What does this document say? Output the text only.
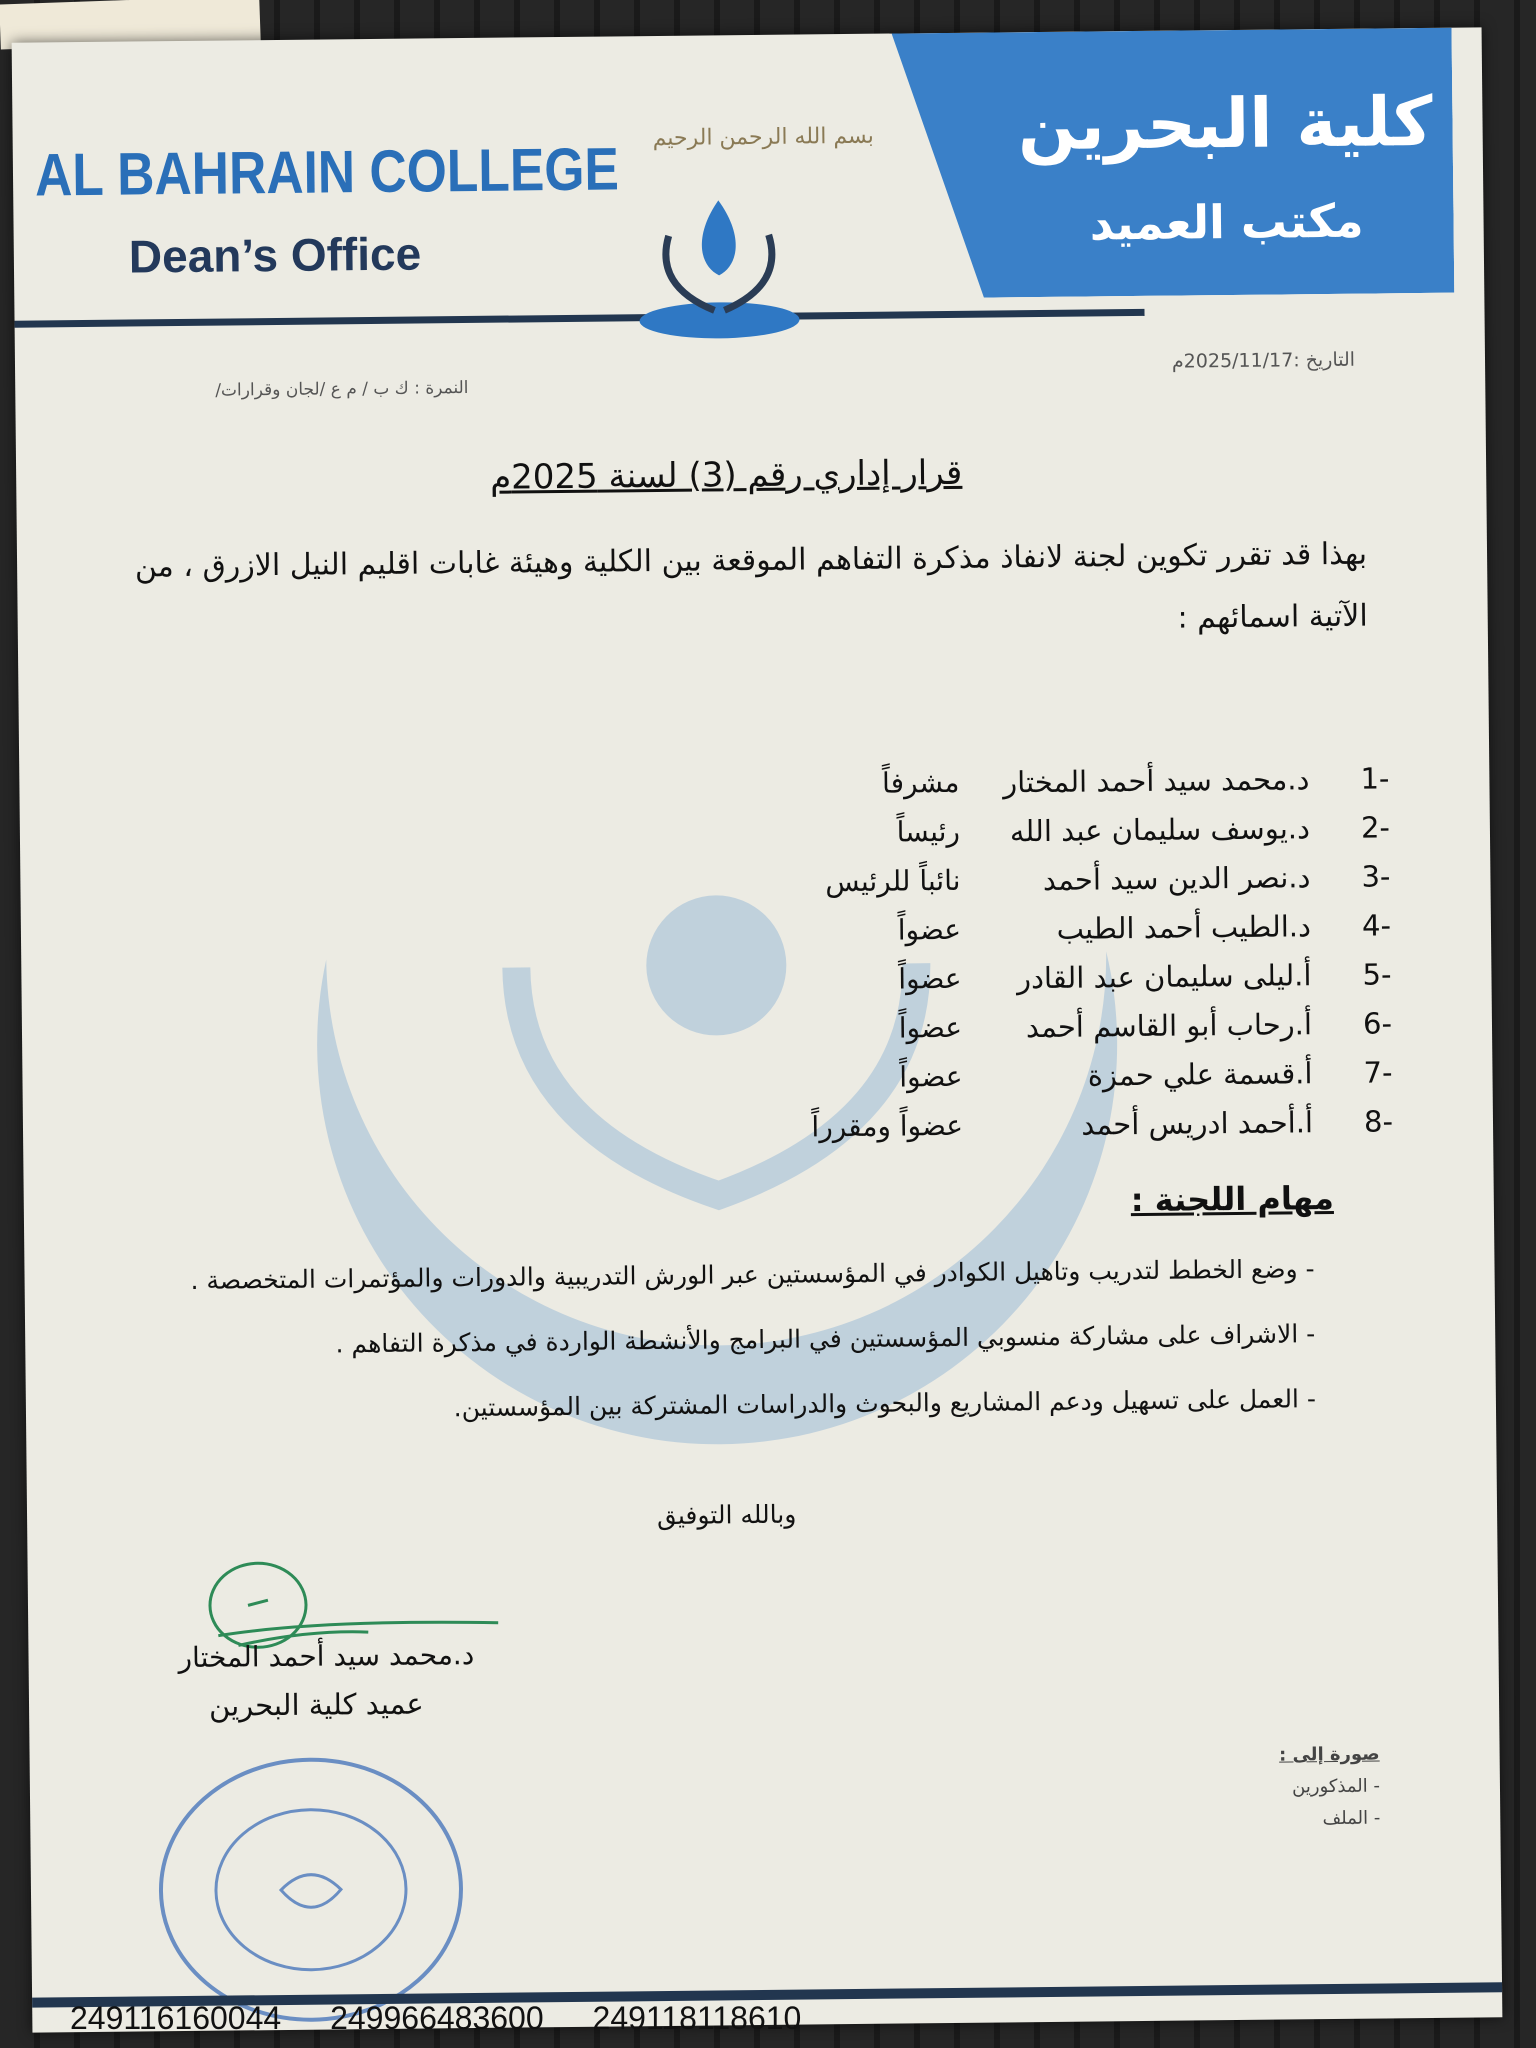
كلية البحرين
مكتب العميد
AL BAHRAIN COLLEGE
Dean’s Office
بسم الله الرحمن الرحيم
النمرة : ك ب / م ع /لجان وقرارات/
التاريخ :2025/11/17م
قرار إداري رقم (3) لسنة 2025م
بهذا قد تقرر تكوين لجنة لانفاذ مذكرة التفاهم الموقعة بين الكلية وهيئة غابات اقليم النيل الازرق ، من الآتية اسمائهم :
-1
د.محمد سيد أحمد المختار
مشرفاً
-2
د.يوسف سليمان عبد الله
رئيساً
-3
د.نصر الدين سيد أحمد
نائباً للرئيس
-4
د.الطيب أحمد الطيب
عضواً
-5
أ.ليلى سليمان عبد القادر
عضواً
-6
أ.رحاب أبو القاسم أحمد
عضواً
-7
أ.قسمة علي حمزة
عضواً
-8
أ.أحمد ادريس أحمد
عضواً ومقرراً
مهام اللجنة :
- وضع الخطط لتدريب وتاهيل الكوادر في المؤسستين عبر الورش التدريبية والدورات والمؤتمرات المتخصصة .
- الاشراف على مشاركة منسوبي المؤسستين في البرامج والأنشطة الواردة في مذكرة التفاهم .
- العمل على تسهيل ودعم المشاريع والبحوث والدراسات المشتركة بين المؤسستين.
وبالله التوفيق
د.محمد سيد أحمد المختار
عميد كلية البحرين
صورة إلى :
- المذكورين
- الملف
249116160044 249966483600 249118118610
